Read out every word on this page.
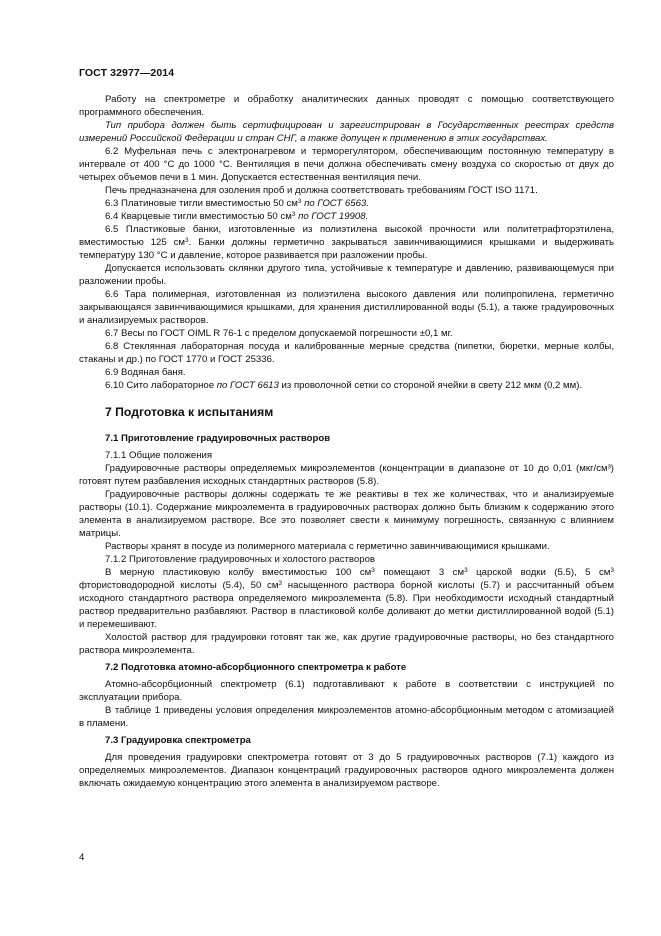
ГОСТ 32977—2014

Работу на спектрометре и обработку аналитических данных проводят с помощью соответствующего программного обеспечения.

Тип прибора должен быть сертифицирован и зарегистрирован в Государственных реестрах средств измерений Российской Федерации и стран СНГ, а также допущен к применению в этих государствах.

6.2 Муфельная печь с электронагревом и терморегулятором, обеспечивающим постоянную температуру в интервале от 400 °С до 1000 °С. Вентиляция в печи должна обеспечивать смену воздуха со скоростью от двух до четырех объемов печи в 1 мин. Допускается естественная вентиляция печи.

Печь предназначена для озоления проб и должна соответствовать требованиям ГОСТ ISO 1171.

6.3 Платиновые тигли вместимостью 50 $см^3$ по ГОСТ 6563.

6.4 Кварцевые тигли вместимостью 50 $см^3$ по ГОСТ 19908.

6.5 Пластиковые банки, изготовленные из полиэтилена высокой прочности или политетрафторэтилена, вместимостью 125 $см^3$. Банки должны герметично закрываться завинчивающимися крышками и выдерживать температуру 130 °С и давление, которое развивается при разложении пробы.

Допускается использовать склянки другого типа, устойчивые к температуре и давлению, развивающемуся при разложении пробы.

6.6 Тара полимерная, изготовленная из полиэтилена высокого давления или полипропилена, герметично закрывающаяся завинчивающимися крышками, для хранения дистиллированной воды (5.1), а также градуировочных и анализируемых растворов.

6.7 Весы по ГОСТ OIML R 76-1 с пределом допускаемой погрешности ±0,1 мг.

6.8 Стеклянная лабораторная посуда и калиброванные мерные средства (пипетки, бюретки, мерные колбы, стаканы и др.) по ГОСТ 1770 и ГОСТ 25336.

6.9 Водяная баня.

6.10 Сито лабораторное по ГОСТ 6613 из проволочной сетки со стороной ячейки в свету 212 мкм (0,2 мм).

7 Подготовка к испытаниям
7.1 Приготовление градуировочных растворов

7.1.1 Общие положения

Градуировочные растворы определяемых микроэлементов (концентрации в диапазоне от 10 до 0,01 (мкг/см³) готовят путем разбавления исходных стандартных растворов (5.8).

Градуировочные растворы должны содержать те же реактивы в тех же количествах, что и анализируемые растворы (10.1). Содержание микроэлемента в градуировочных растворах должно быть близким к содержанию этого элемента в анализируемом растворе. Все это позволяет свести к минимуму погрешность, связанную с влиянием матрицы.

Растворы хранят в посуде из полимерного материала с герметично завинчивающимися крышками.

7.1.2 Приготовление градуировочных и холостого растворов

В мерную пластиковую колбу вместимостью 100 $см^3$ помещают 3 $см^3$ царской водки (5.5), 5 $см^3$ фтористоводородной кислоты (5.4), 50 $см^3$ насыщенного раствора борной кислоты (5.7) и рассчитанный объем исходного стандартного раствора определяемого микроэлемента (5.8). При необходимости исходный стандартный раствор предварительно разбавляют. Раствор в пластиковой колбе доливают до метки дистиллированной водой (5.1) и перемешивают.

Холостой раствор для градуировки готовят так же, как другие градуировочные растворы, но без стандартного раствора микроэлемента.

7.2 Подготовка атомно-абсорбционного спектрометра к работе

Атомно-абсорбционный спектрометр (6.1) подготавливают к работе в соответствии с инструкцией по эксплуатации прибора.

В таблице 1 приведены условия определения микроэлементов атомно-абсорбционным методом с атомизацией в пламени.

7.3 Градуировка спектрометра

Для проведения градуировки спектрометра готовят от 3 до 5 градуировочных растворов (7.1) каждого из определяемых микроэлементов. Диапазон концентраций градуировочных растворов одного микроэлемента должен включать ожидаемую концентрацию этого элемента в анализируемом растворе.

4
